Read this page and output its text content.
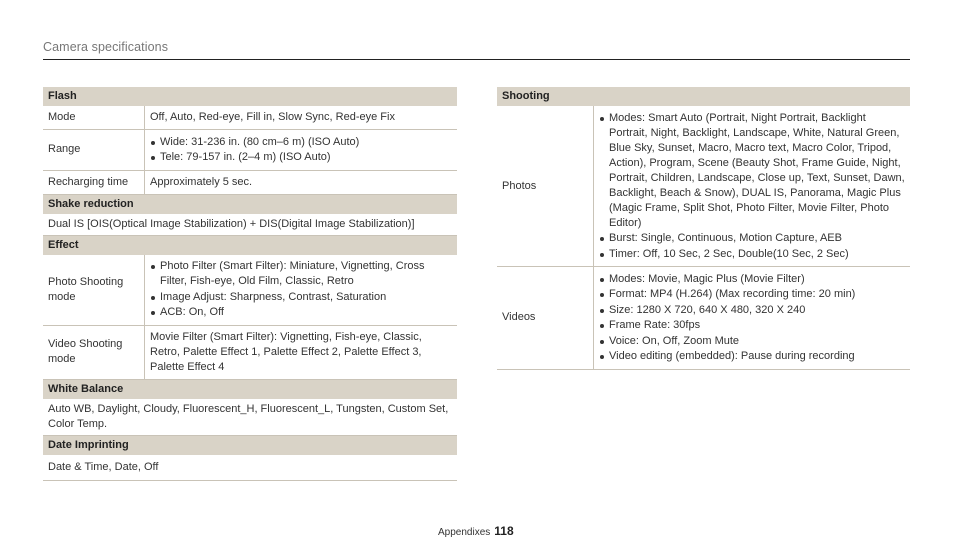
Camera specifications
Flash
Mode	Off, Auto, Red-eye, Fill in, Slow Sync, Red-eye Fix
Range
Wide: 31-236 in. (80 cm–6 m) (ISO Auto)
Tele: 79-157 in. (2–4 m) (ISO Auto)
Recharging time	Approximately 5 sec.
Shake reduction
Dual IS [OIS(Optical Image Stabilization) + DIS(Digital Image Stabilization)]
Effect
Photo Shooting mode
Photo Filter (Smart Filter): Miniature, Vignetting, Cross Filter, Fish-eye, Old Film, Classic, Retro
Image Adjust: Sharpness, Contrast, Saturation
ACB: On, Off
Video Shooting mode
Movie Filter (Smart Filter): Vignetting, Fish-eye, Classic, Retro, Palette Effect 1, Palette Effect 2, Palette Effect 3, Palette Effect 4
White Balance
Auto WB, Daylight, Cloudy, Fluorescent_H, Fluorescent_L, Tungsten, Custom Set, Color Temp.
Date Imprinting
Date & Time, Date, Off
Shooting
Photos
Modes: Smart Auto (Portrait, Night Portrait, Backlight Portrait, Night, Backlight, Landscape, White, Natural Green, Blue Sky, Sunset, Macro, Macro text, Macro Color, Tripod, Action), Program, Scene (Beauty Shot, Frame Guide, Night, Portrait, Children, Landscape, Close up, Text, Sunset, Dawn, Backlight, Beach & Snow), DUAL IS, Panorama, Magic Plus (Magic Frame, Split Shot, Photo Filter, Movie Filter, Photo Editor)
Burst: Single, Continuous, Motion Capture, AEB
Timer: Off, 10 Sec, 2 Sec, Double(10 Sec, 2 Sec)
Videos
Modes: Movie, Magic Plus (Movie Filter)
Format: MP4 (H.264) (Max recording time: 20 min)
Size: 1280 X 720, 640 X 480, 320 X 240
Frame Rate: 30fps
Voice: On, Off, Zoom Mute
Video editing (embedded): Pause during recording
Appendixes 118
